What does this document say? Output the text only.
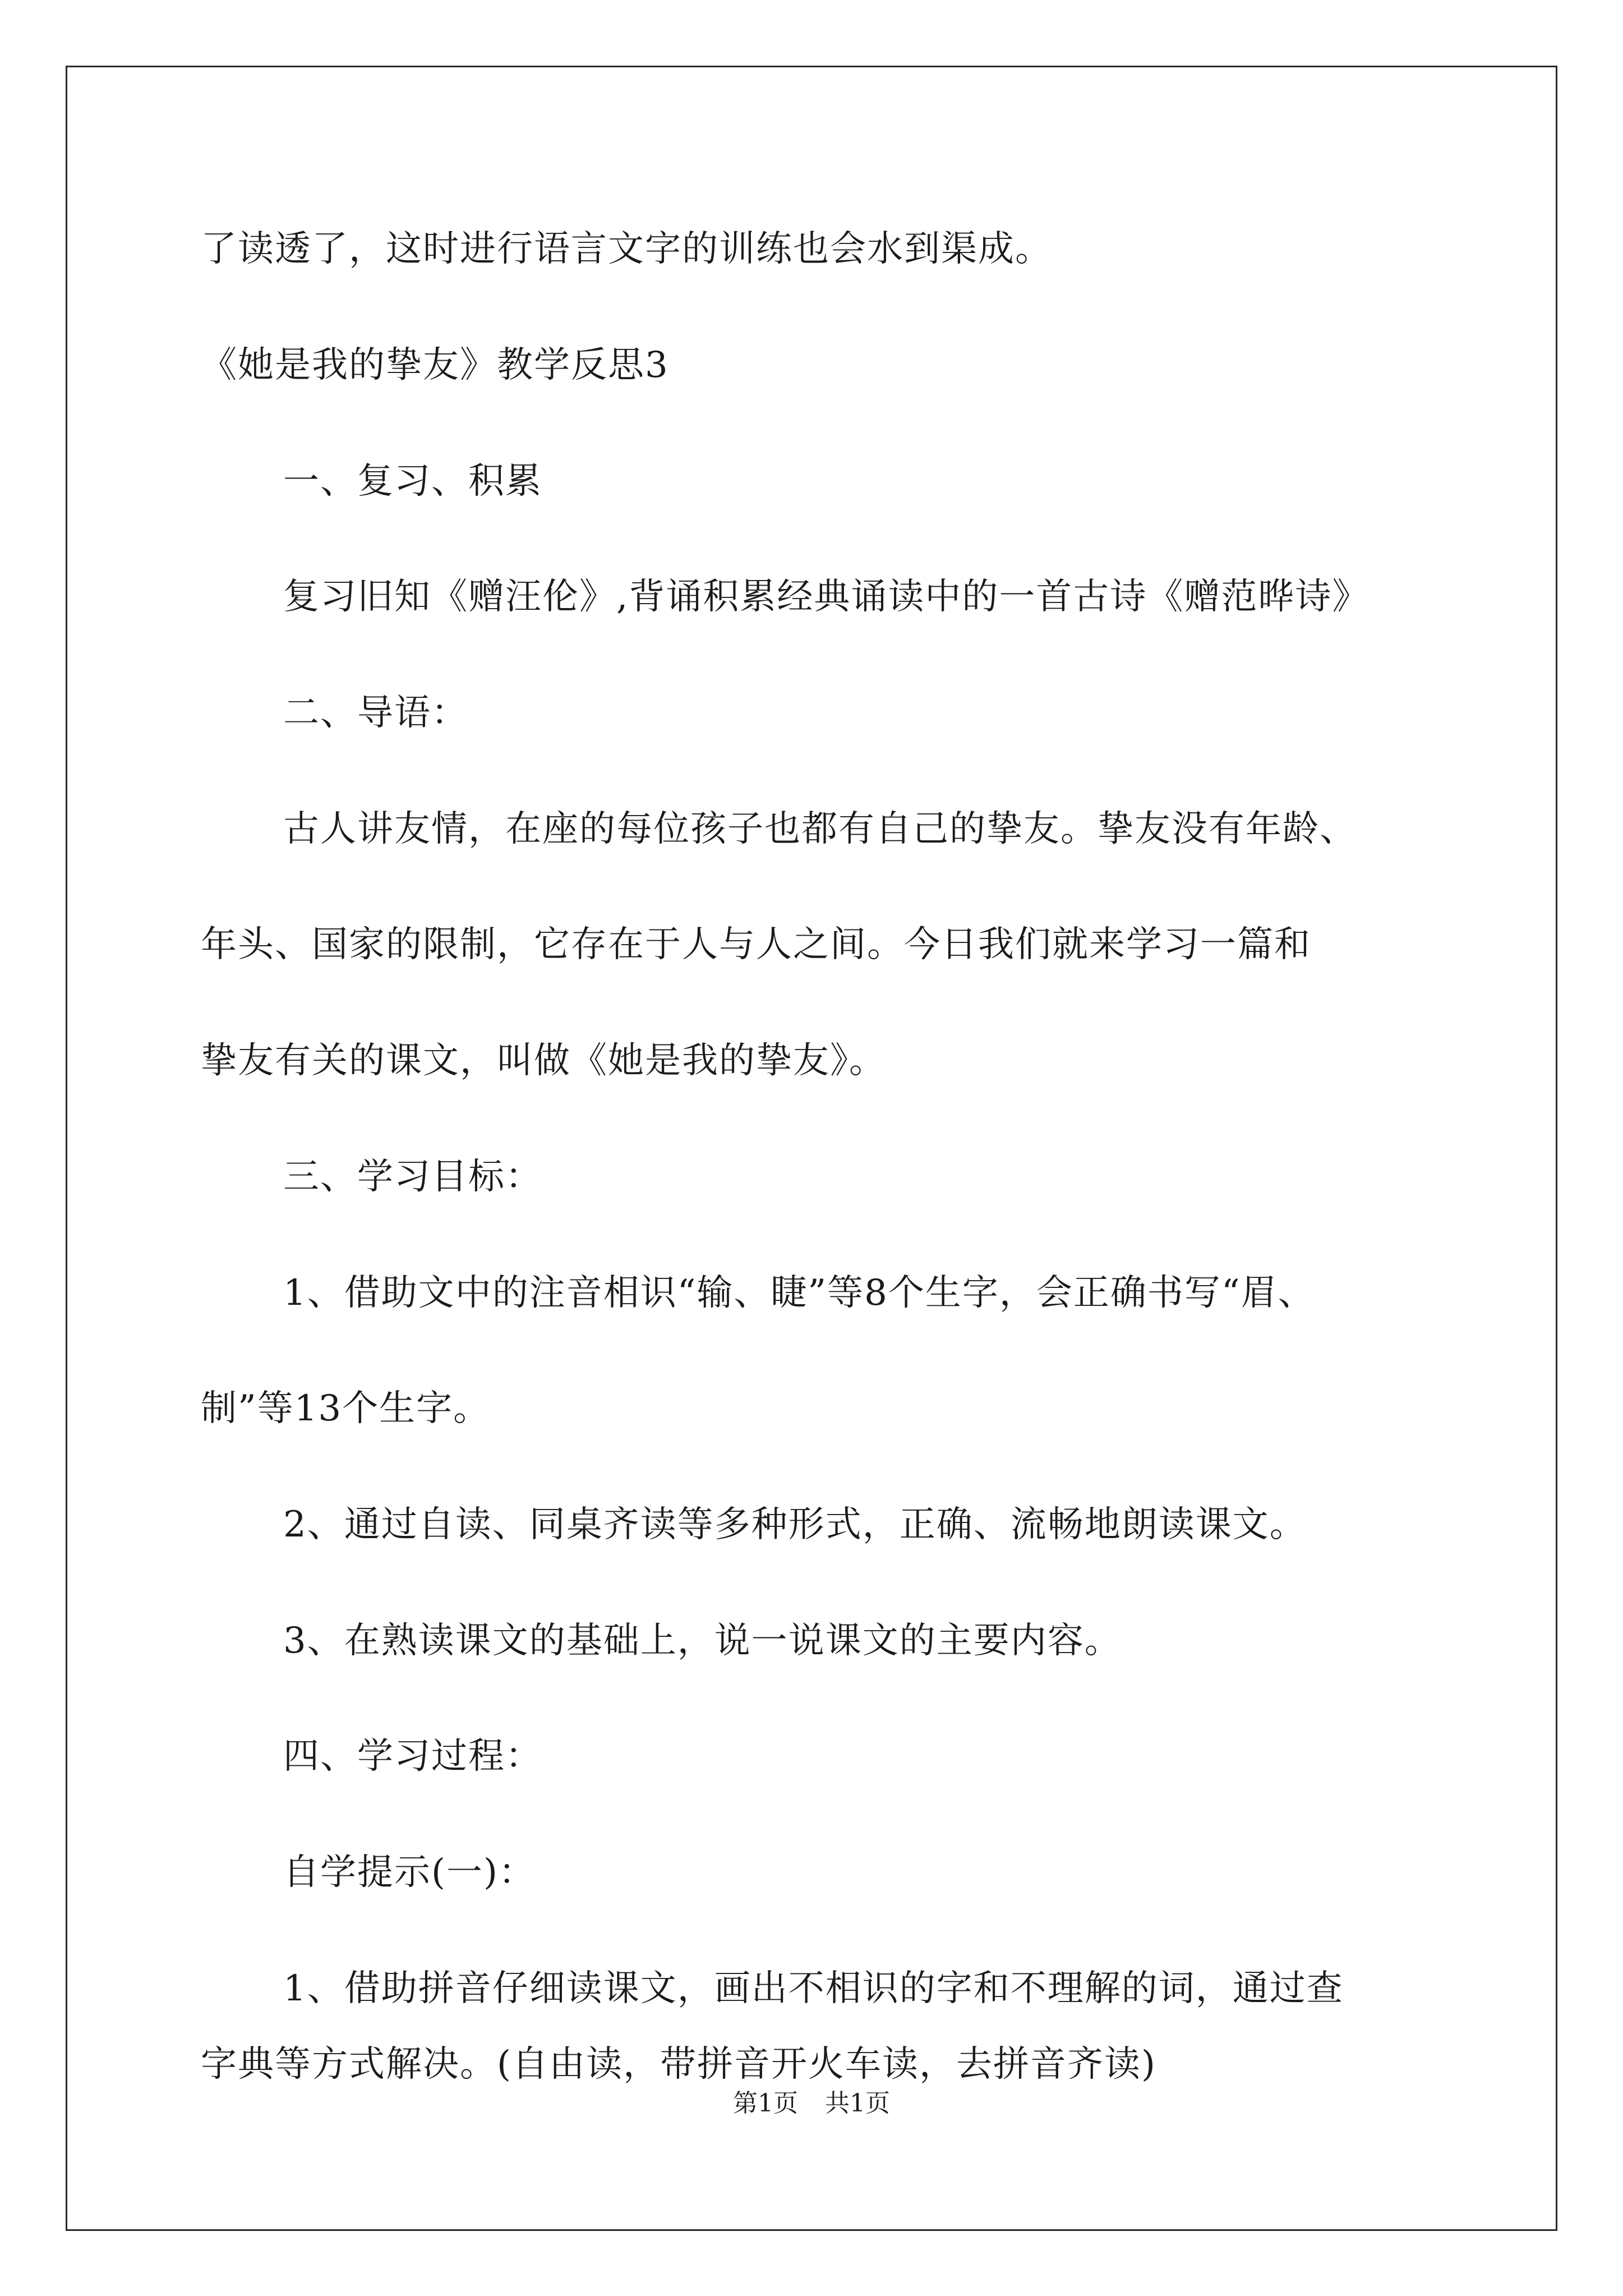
了读透了，这时进行语言文字的训练也会水到渠成。
《她是我的挚友》教学反思3
一、复习、积累
复习旧知《赠汪伦》,背诵积累经典诵读中的一首古诗《赠范晔诗》
二、导语：
古人讲友情，在座的每位孩子也都有自己的挚友。挚友没有年龄、
年头、国家的限制，它存在于人与人之间。今日我们就来学习一篇和
挚友有关的课文，叫做《她是我的挚友》。
三、学习目标：
1、借助文中的注音相识“输、睫”等8个生字，会正确书写“眉、
制”等13个生字。
2、通过自读、同桌齐读等多种形式，正确、流畅地朗读课文。
3、在熟读课文的基础上，说一说课文的主要内容。
四、学习过程：
自学提示(一)：
1、借助拼音仔细读课文，画出不相识的字和不理解的词，通过查
字典等方式解决。(自由读，带拼音开火车读，去拼音齐读)
第1页 共1页
